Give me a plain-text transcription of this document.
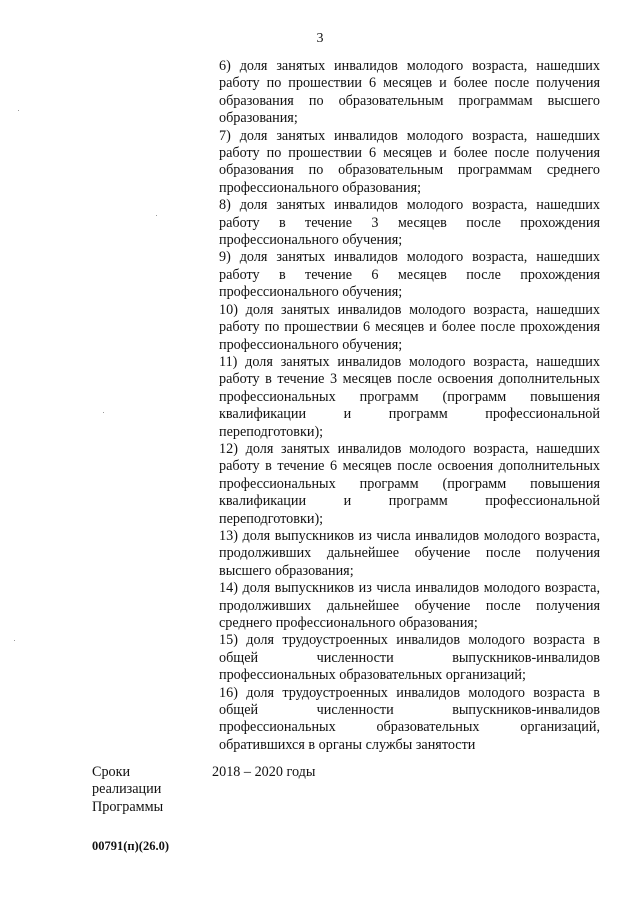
3

6) доля занятых инвалидов молодого возраста, нашедших работу по прошествии 6 месяцев и более после получения образования по образовательным программам высшего образования;

7) доля занятых инвалидов молодого возраста, нашедших работу по прошествии 6 месяцев и более после получения образования по образовательным программам среднего профессионального образования;

8) доля занятых инвалидов молодого возраста, нашедших работу в течение 3 месяцев после прохождения профессионального обучения;

9) доля занятых инвалидов молодого возраста, нашедших работу в течение 6 месяцев после прохождения профессионального обучения;

10) доля занятых инвалидов молодого возраста, нашедших работу по прошествии 6 месяцев и более после прохождения профессионального обучения;

11) доля занятых инвалидов молодого возраста, нашедших работу в течение 3 месяцев после освоения дополнительных профессиональных программ (программ повышения квалификации и программ профессиональной переподготовки);

12) доля занятых инвалидов молодого возраста, нашедших работу в течение 6 месяцев после освоения дополнительных профессиональных программ (программ повышения квалификации и программ профессиональной переподготовки);

13) доля выпускников из числа инвалидов молодого возраста, продолживших дальнейшее обучение после получения высшего образования;

14) доля выпускников из числа инвалидов молодого возраста, продолживших дальнейшее обучение после получения среднего профессионального образования;

15) доля трудоустроенных инвалидов молодого возраста в общей численности выпускников-инвалидов профессиональных образовательных организаций;

16) доля трудоустроенных инвалидов молодого возраста в общей численности выпускников-инвалидов профессиональных образовательных организаций, обратившихся в органы службы занятости

Сроки реализации Программы
2018 – 2020 годы
00791(п)(26.0)
